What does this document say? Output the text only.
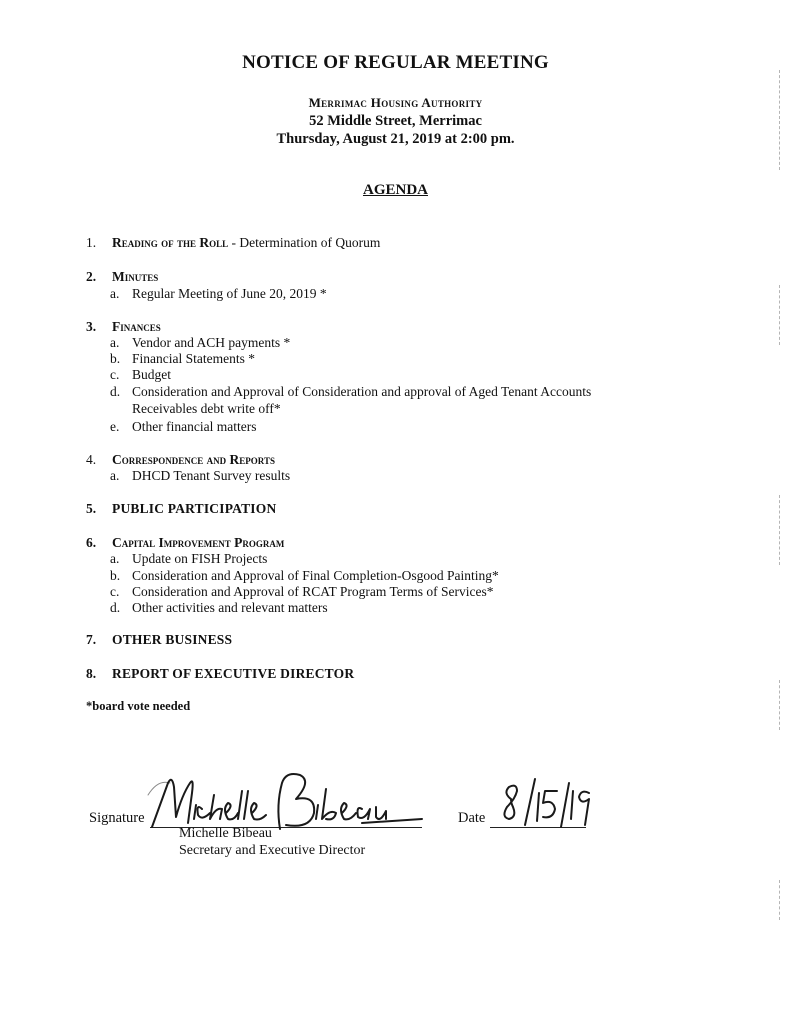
NOTICE OF REGULAR MEETING
Merrimac Housing Authority
52 Middle Street, Merrimac
Thursday, August 21, 2019 at 2:00 pm.
AGENDA
1. Reading of the Roll - Determination of Quorum
2. Minutes
a. Regular Meeting of June 20, 2019 *
3. Finances
a. Vendor and ACH payments *
b. Financial Statements *
c. Budget
d. Consideration and Approval of Consideration and approval of Aged Tenant Accounts
Receivables debt write off*
e. Other financial matters
4. Correspondence and Reports
a. DHCD Tenant Survey results
5. PUBLIC PARTICIPATION
6. Capital Improvement Program
a. Update on FISH Projects
b. Consideration and Approval of Final Completion-Osgood Painting*
c. Consideration and Approval of RCAT Program Terms of Services*
d. Other activities and relevant matters
7. OTHER BUSINESS
8. REPORT OF EXECUTIVE DIRECTOR
*board vote needed
Signature
Michelle Bibeau
Secretary and Executive Director
Date
